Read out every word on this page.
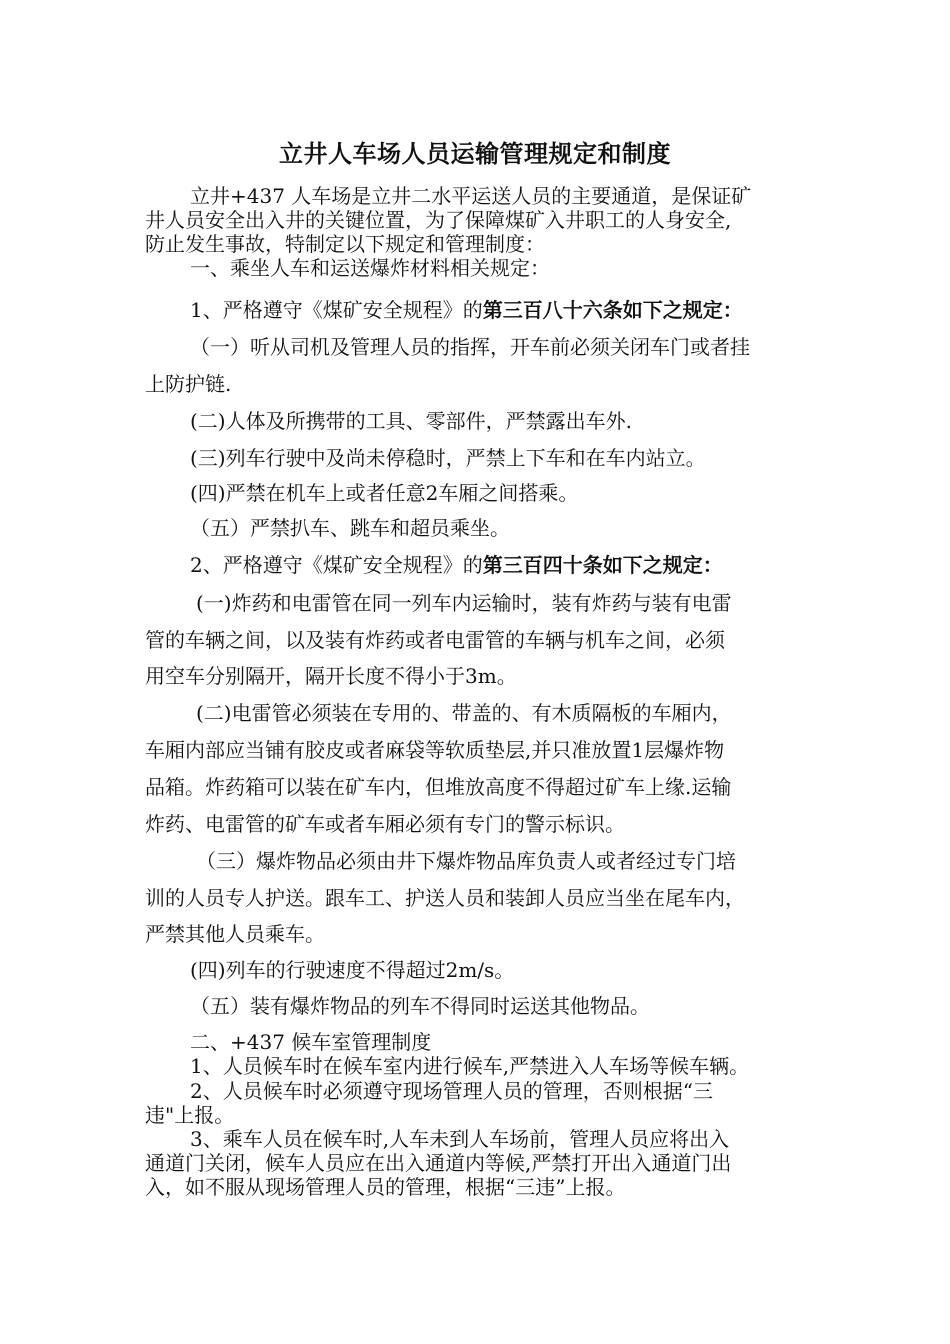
立井人车场人员运输管理规定和制度
立井+437 人车场是立井二水平运送人员的主要通道，是保证矿
井人员安全出入井的关键位置，为了保障煤矿入井职工的人身安全,
防止发生事故，特制定以下规定和管理制度：
一、乘坐人车和运送爆炸材料相关规定：
1、严格遵守《煤矿安全规程》的第三百八十六条如下之规定：
（一）听从司机及管理人员的指挥，开车前必须关闭车门或者挂
上防护链.
(二)人体及所携带的工具、零部件，严禁露出车外.
(三)列车行驶中及尚未停稳时，严禁上下车和在车内站立。
(四)严禁在机车上或者任意2车厢之间搭乘。
（五）严禁扒车、跳车和超员乘坐。
2、严格遵守《煤矿安全规程》的第三百四十条如下之规定：
(一)炸药和电雷管在同一列车内运输时，装有炸药与装有电雷
管的车辆之间，以及装有炸药或者电雷管的车辆与机车之间，必须
用空车分别隔开，隔开长度不得小于3m。
(二)电雷管必须装在专用的、带盖的、有木质隔板的车厢内，
车厢内部应当铺有胶皮或者麻袋等软质垫层,并只准放置1层爆炸物
品箱。炸药箱可以装在矿车内，但堆放高度不得超过矿车上缘.运输
炸药、电雷管的矿车或者车厢必须有专门的警示标识。
（三）爆炸物品必须由井下爆炸物品库负责人或者经过专门培
训的人员专人护送。跟车工、护送人员和装卸人员应当坐在尾车内，
严禁其他人员乘车。
(四)列车的行驶速度不得超过2m/s。
（五）装有爆炸物品的列车不得同时运送其他物品。
二、+437 候车室管理制度
1、人员候车时在候车室内进行候车,严禁进入人车场等候车辆。
2、人员候车时必须遵守现场管理人员的管理，否则根据“三
违"上报。
3、乘车人员在候车时,人车未到人车场前，管理人员应将出入
通道门关闭，候车人员应在出入通道内等候,严禁打开出入通道门出
入，如不服从现场管理人员的管理，根据“三违”上报。
